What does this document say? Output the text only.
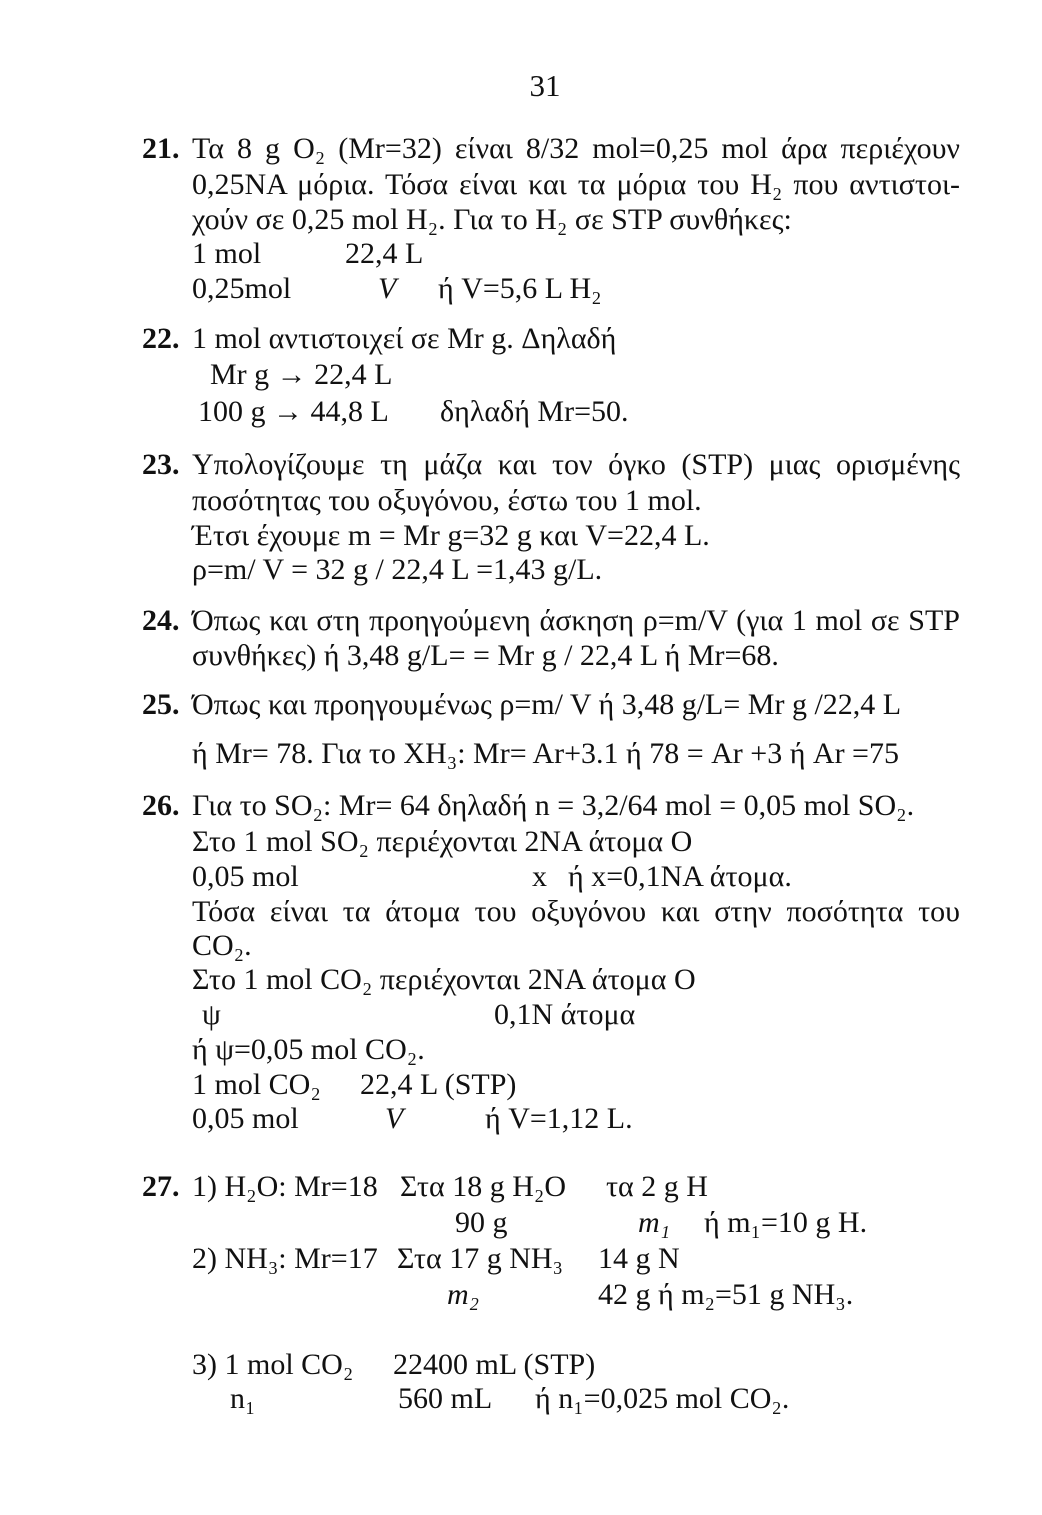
31
21. Τα 8 g O₂ (Mr=32) είναι 8/32 mol=0,25 mol άρα περιέχουν
0,25NA μόρια. Τόσα είναι και τα μόρια του H₂ που αντιστοι-
χούν σε 0,25 mol H₂. Για το H₂ σε STP συνθήκες:
1 mol	22,4 L
0,25mol	V ή V=5,6 L H₂
22. 1 mol αντιστοιχεί σε Mr g. Δηλαδή
Mr g → 22,4 L
100 g → 44,8 L δηλαδή Mr=50.
23. Υπολογίζουμε τη μάζα και τον όγκο (STP) μιας ορισμένης
ποσότητας του οξυγόνου, έστω του 1 mol.
Έτσι έχουμε m = Mr g=32 g και V=22,4 L.
ρ=m/ V = 32 g / 22,4 L =1,43 g/L.
24. Όπως και στη προηγούμενη άσκηση ρ=m/V (για 1 mol σε STP
συνθήκες) ή 3,48 g/L= = Mr g / 22,4 L ή Mr=68.
25. Όπως και προηγουμένως ρ=m/ V ή 3,48 g/L= Mr g /22,4 L
ή Mr= 78. Για το XH₃: Mr= Ar+3.1 ή 78 = Ar +3 ή Ar =75
26. Για το SO₂: Mr= 64 δηλαδή n = 3,2/64 mol = 0,05 mol SO₂.
Στο 1 mol SO₂ περιέχονται 2NA άτομα O
0,05 mol	x ή x=0,1NA άτομα.
Τόσα είναι τα άτομα του οξυγόνου και στην ποσότητα του
CO₂.
Στο 1 mol CO₂ περιέχονται 2NA άτομα O
ψ	0,1N άτομα
ή ψ=0,05 mol CO₂.
1 mol CO₂ 22,4 L (STP)
0,05 mol	V	ή V=1,12 L.
27. 1) H₂O: Mr=18 Στα 18 g H₂O τα 2 g H
90 g	m₁ ή m₁=10 g H.
2) NH₃: Mr=17 Στα 17 g NH₃ 14 g N
m₂	42 g ή m₂=51 g NH₃.
3) 1 mol CO₂ 22400 mL (STP)
n₁	560 mL ή n₁=0,025 mol CO₂.
